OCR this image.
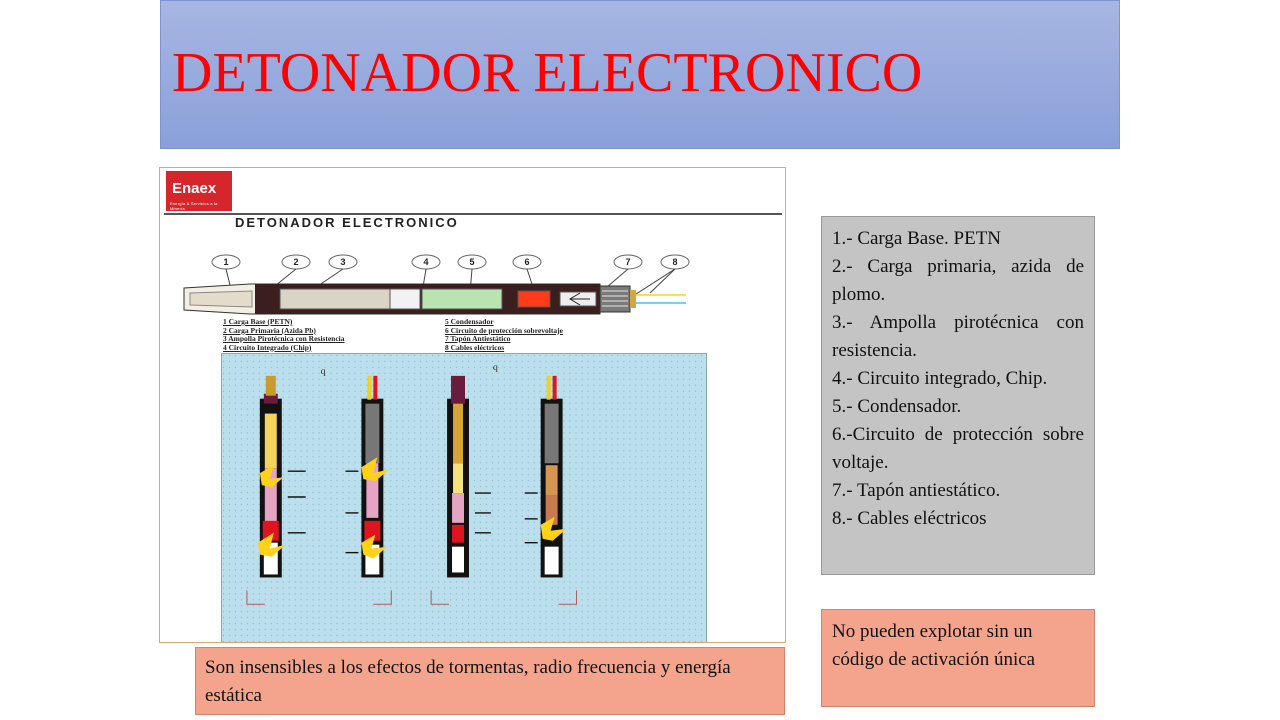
DETONADOR ELECTRONICO
Enaex
Energía & Servicios a la Minería
DETONADOR ELECTRONICO
1	2	3	4	5	6	7	8
1 Carga Base (PETN)
2 Carga Primaria (Azida Pb)
3 Ampolla Pirotécnica con Resistencia
4 Circuito Integrado (Chip)
5 Condensador
6 Circuito de protección sobrevoltaje
7 Tapón Antiestático
8 Cables eléctricos
q	q

1.- Carga Base. PETN

2.- Carga primaria, azida de plomo.

3.- Ampolla pirotécnica con resistencia.

4.- Circuito integrado, Chip.

5.- Condensador.

6.-Circuito de protección sobre voltaje.

7.- Tapón antiestático.

8.- Cables eléctricos

No pueden explotar sin un código de activación única
Son insensibles a los efectos de tormentas, radio frecuencia y energía estática
